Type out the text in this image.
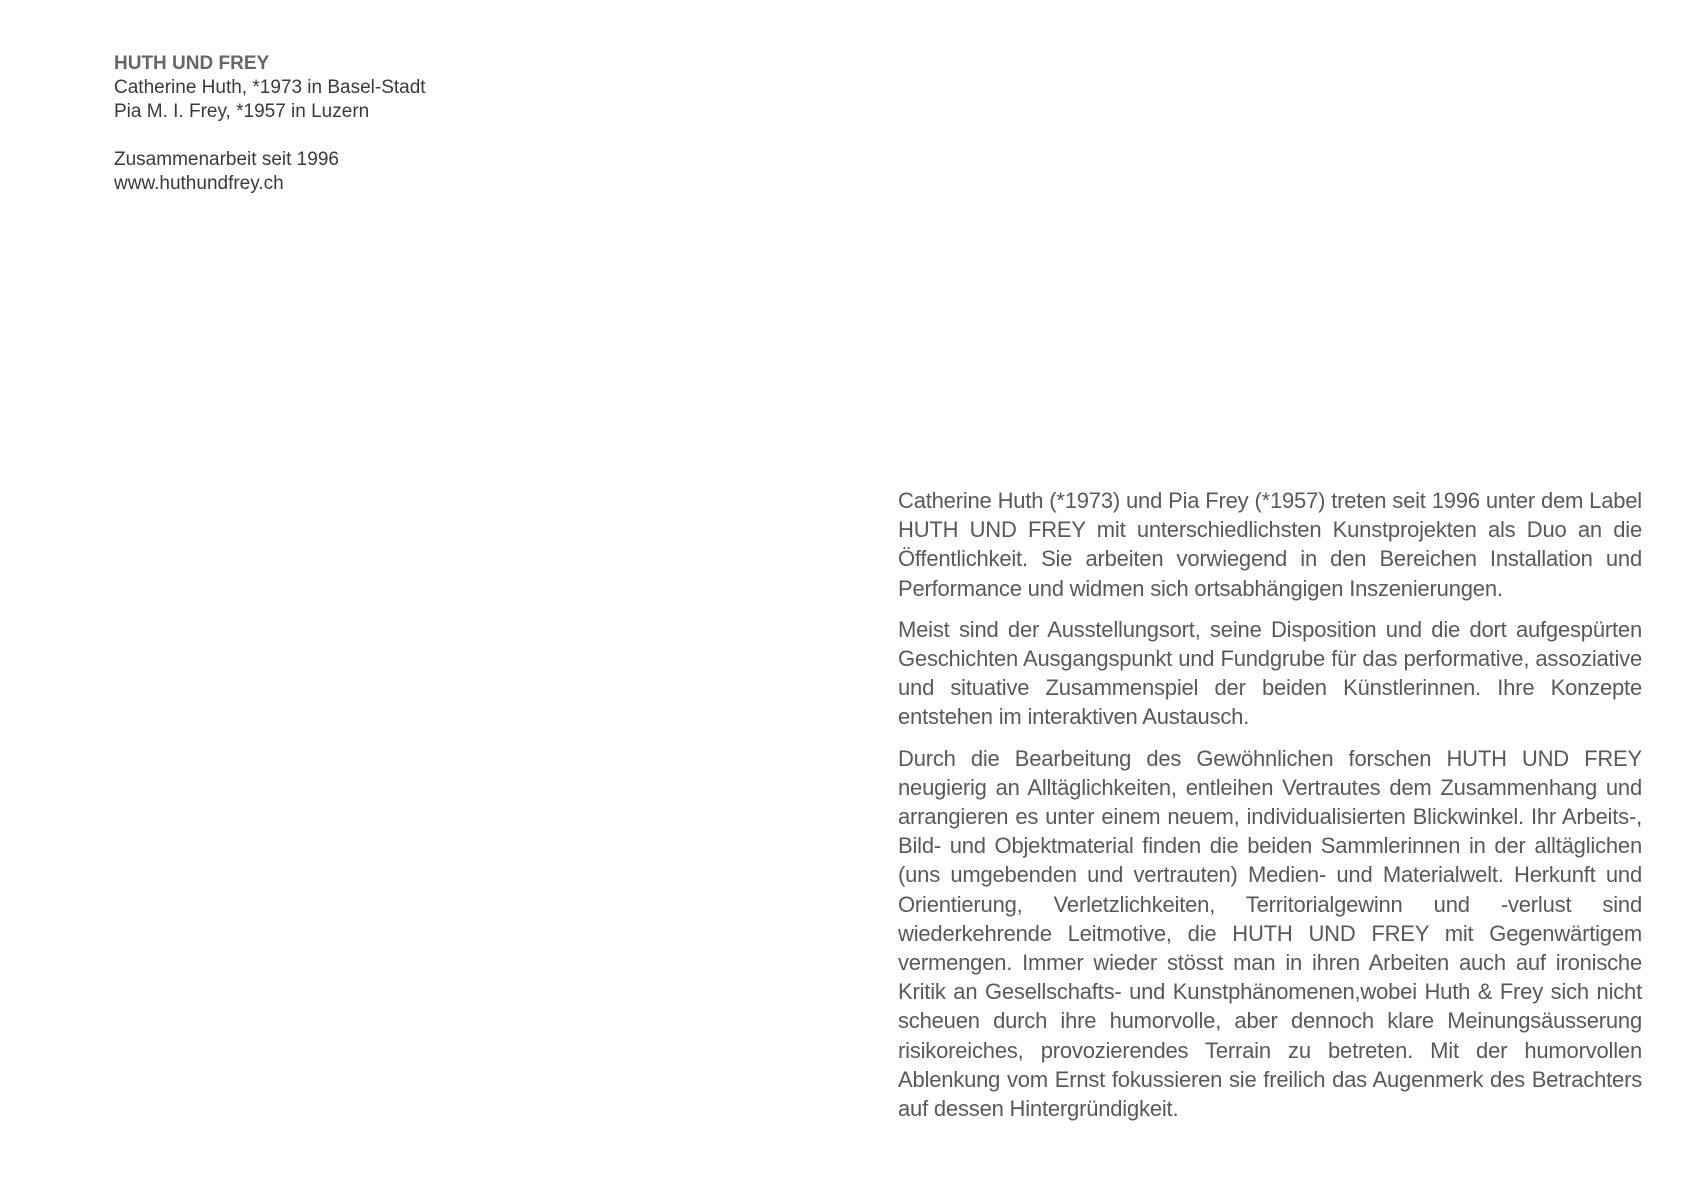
HUTH UND FREY
Catherine Huth, *1973 in Basel-Stadt
Pia M. I. Frey, *1957 in Luzern
Zusammenarbeit seit 1996
www.huthundfrey.ch

Catherine Huth (*1973) und Pia Frey (*1957) treten seit 1996 unter dem Label HUTH UND FREY mit unterschiedlichsten Kunstprojekten als Duo an die Öffentlichkeit. Sie arbeiten vorwiegend in den Bereichen Installation und Performance und widmen sich ortsabhängigen Inszenierungen.

Meist sind der Ausstellungsort, seine Disposition und die dort aufgespürten Geschichten Ausgangspunkt und Fundgrube für das performative, assoziative und situative Zusammenspiel der beiden Künstlerinnen. Ihre Konzepte entstehen im interaktiven Austausch.

Durch die Bearbeitung des Gewöhnlichen forschen HUTH UND FREY neugierig an Alltäglichkeiten, entleihen Vertrautes dem Zusammenhang und arrangieren es unter einem neuem, individualisierten Blickwinkel. Ihr Arbeits-, Bild- und Objektmaterial finden die beiden Sammlerinnen in der alltäglichen (uns umgebenden und vertrauten) Medien- und Materialwelt. Herkunft und Orientierung, Verletzlichkeiten, Territorialgewinn und -verlust sind wiederkehrende Leitmotive, die HUTH UND FREY mit Gegenwärtigem vermengen. Immer wieder stösst man in ihren Arbeiten auch auf ironische Kritik an Gesellschafts- und Kunstphänomenen,wobei Huth & Frey sich nicht scheuen durch ihre humorvolle, aber dennoch klare Meinungsäusserung risikoreiches, provozierendes Terrain zu betreten. Mit der humorvollen Ablenkung vom Ernst fokussieren sie freilich das Augenmerk des Betrachters auf dessen Hintergründigkeit.
